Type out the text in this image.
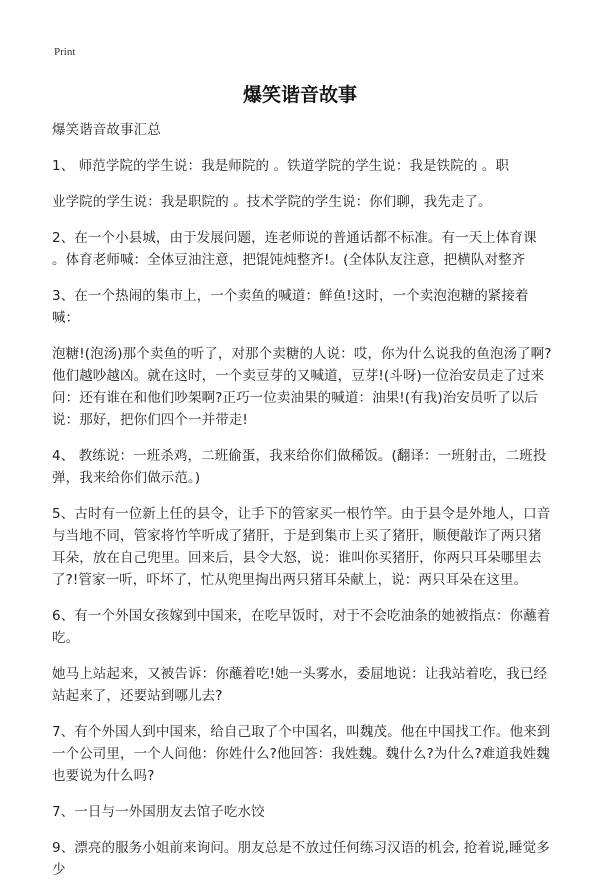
Print
爆笑谐音故事

爆笑谐音故事汇总

1、 师范学院的学生说：我是师院的 。铁道学院的学生说：我是铁院的 。职

业学院的学生说：我是职院的 。技术学院的学生说：你们聊，我先走了。

2、在一个小县城，由于发展问题，连老师说的普通话都不标准。有一天上体育课 。体育老师喊：全体豆油注意，把馄饨炖整齐!。(全体队友注意，把横队对整齐

3、在一个热闹的集市上，一个卖鱼的喊道：鲜鱼!这时，一个卖泡泡糖的紧接着喊：

泡糖!(泡汤)那个卖鱼的听了，对那个卖糖的人说：哎，你为什么说我的鱼泡汤了啊?他们越吵越凶。就在这时，一个卖豆芽的又喊道，豆芽!(斗呀)一位治安员走了过来问：还有谁在和他们吵架啊?正巧一位卖油果的喊道：油果!(有我)治安员听了以后说：那好，把你们四个一并带走!

4、 教练说：一班杀鸡，二班偷蛋，我来给你们做稀饭。(翻译：一班射击，二班投弹，我来给你们做示范。)

5、古时有一位新上任的县令，让手下的管家买一根竹竿。由于县令是外地人，口音与当地不同，管家将竹竿听成了猪肝，于是到集市上买了猪肝，顺便敲诈了两只猪耳朵，放在自己兜里。回来后，县令大怒，说：谁叫你买猪肝，你两只耳朵哪里去了?!管家一听，吓坏了，忙从兜里掏出两只猪耳朵献上，说：两只耳朵在这里。

6、有一个外国女孩嫁到中国来，在吃早饭时，对于不会吃油条的她被指点：你蘸着吃。

她马上站起来，又被告诉：你蘸着吃!她一头雾水，委屈地说：让我站着吃，我已经站起来了，还要站到哪儿去?

7、有个外国人到中国来，给自己取了个中国名，叫魏茂。他在中国找工作。他来到一个公司里，一个人问他：你姓什么?他回答：我姓魏。魏什么?为什么?难道我姓魏也要说为什么吗?

7、一日与一外国朋友去馆子吃水饺

9、漂亮的服务小姐前来询问。朋友总是不放过任何练习汉语的机会, 抢着说,睡觉多少
